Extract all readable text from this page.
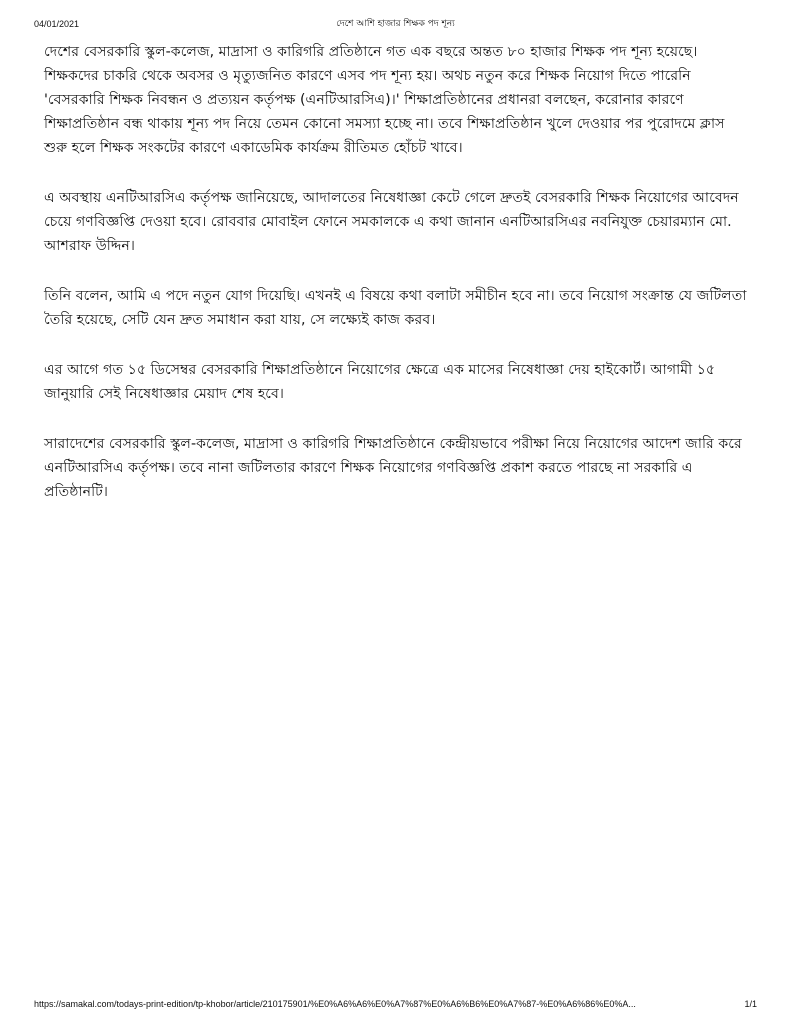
04/01/2021	দেশে আশি হাজার শিক্ষক পদ শূন্য

দেশের বেসরকারি স্কুল-কলেজ, মাদ্রাসা ও কারিগরি প্রতিষ্ঠানে গত এক বছরে অন্তত ৮০ হাজার শিক্ষক পদ শূন্য হয়েছে। শিক্ষকদের চাকরি থেকে অবসর ও মৃত্যুজনিত কারণে এসব পদ শূন্য হয়। অথচ নতুন করে শিক্ষক নিয়োগ দিতে পারেনি 'বেসরকারি শিক্ষক নিবন্ধন ও প্রত্যয়ন কর্তৃপক্ষ (এনটিআরসিএ)।' শিক্ষাপ্রতিষ্ঠানের প্রধানরা বলছেন, করোনার কারণে শিক্ষাপ্রতিষ্ঠান বন্ধ থাকায় শূন্য পদ নিয়ে তেমন কোনো সমস্যা হচ্ছে না। তবে শিক্ষাপ্রতিষ্ঠান খুলে দেওয়ার পর পুরোদমে ক্লাস শুরু হলে শিক্ষক সংকটের কারণে একাডেমিক কার্যক্রম রীতিমত হোঁচট খাবে।

এ অবস্থায় এনটিআরসিএ কর্তৃপক্ষ জানিয়েছে, আদালতের নিষেধাজ্ঞা কেটে গেলে দ্রুতই বেসরকারি শিক্ষক নিয়োগের আবেদন চেয়ে গণবিজ্ঞপ্তি দেওয়া হবে। রোববার মোবাইল ফোনে সমকালকে এ কথা জানান এনটিআরসিএর নবনিযুক্ত চেয়ারম্যান মো. আশরাফ উদ্দিন।

তিনি বলেন, আমি এ পদে নতুন যোগ দিয়েছি। এখনই এ বিষয়ে কথা বলাটা সমীচীন হবে না। তবে নিয়োগ সংক্রান্ত যে জটিলতা তৈরি হয়েছে, সেটি যেন দ্রুত সমাধান করা যায়, সে লক্ষ্যেই কাজ করব।

এর আগে গত ১৫ ডিসেম্বর বেসরকারি শিক্ষাপ্রতিষ্ঠানে নিয়োগের ক্ষেত্রে এক মাসের নিষেধাজ্ঞা দেয় হাইকোর্ট। আগামী ১৫ জানুয়ারি সেই নিষেধাজ্ঞার মেয়াদ শেষ হবে।

সারাদেশের বেসরকারি স্কুল-কলেজ, মাদ্রাসা ও কারিগরি শিক্ষাপ্রতিষ্ঠানে কেন্দ্রীয়ভাবে পরীক্ষা নিয়ে নিয়োগের আদেশ জারি করে এনটিআরসিএ কর্তৃপক্ষ। তবে নানা জটিলতার কারণে শিক্ষক নিয়োগের গণবিজ্ঞপ্তি প্রকাশ করতে পারছে না সরকারি এ প্রতিষ্ঠানটি।

https://samakal.com/todays-print-edition/tp-khobor/article/210175901/%E0%A6%A6%E0%A7%87%E0%A6%B6%E0%A7%87-%E0%A6%86%E0%A...	1/1
